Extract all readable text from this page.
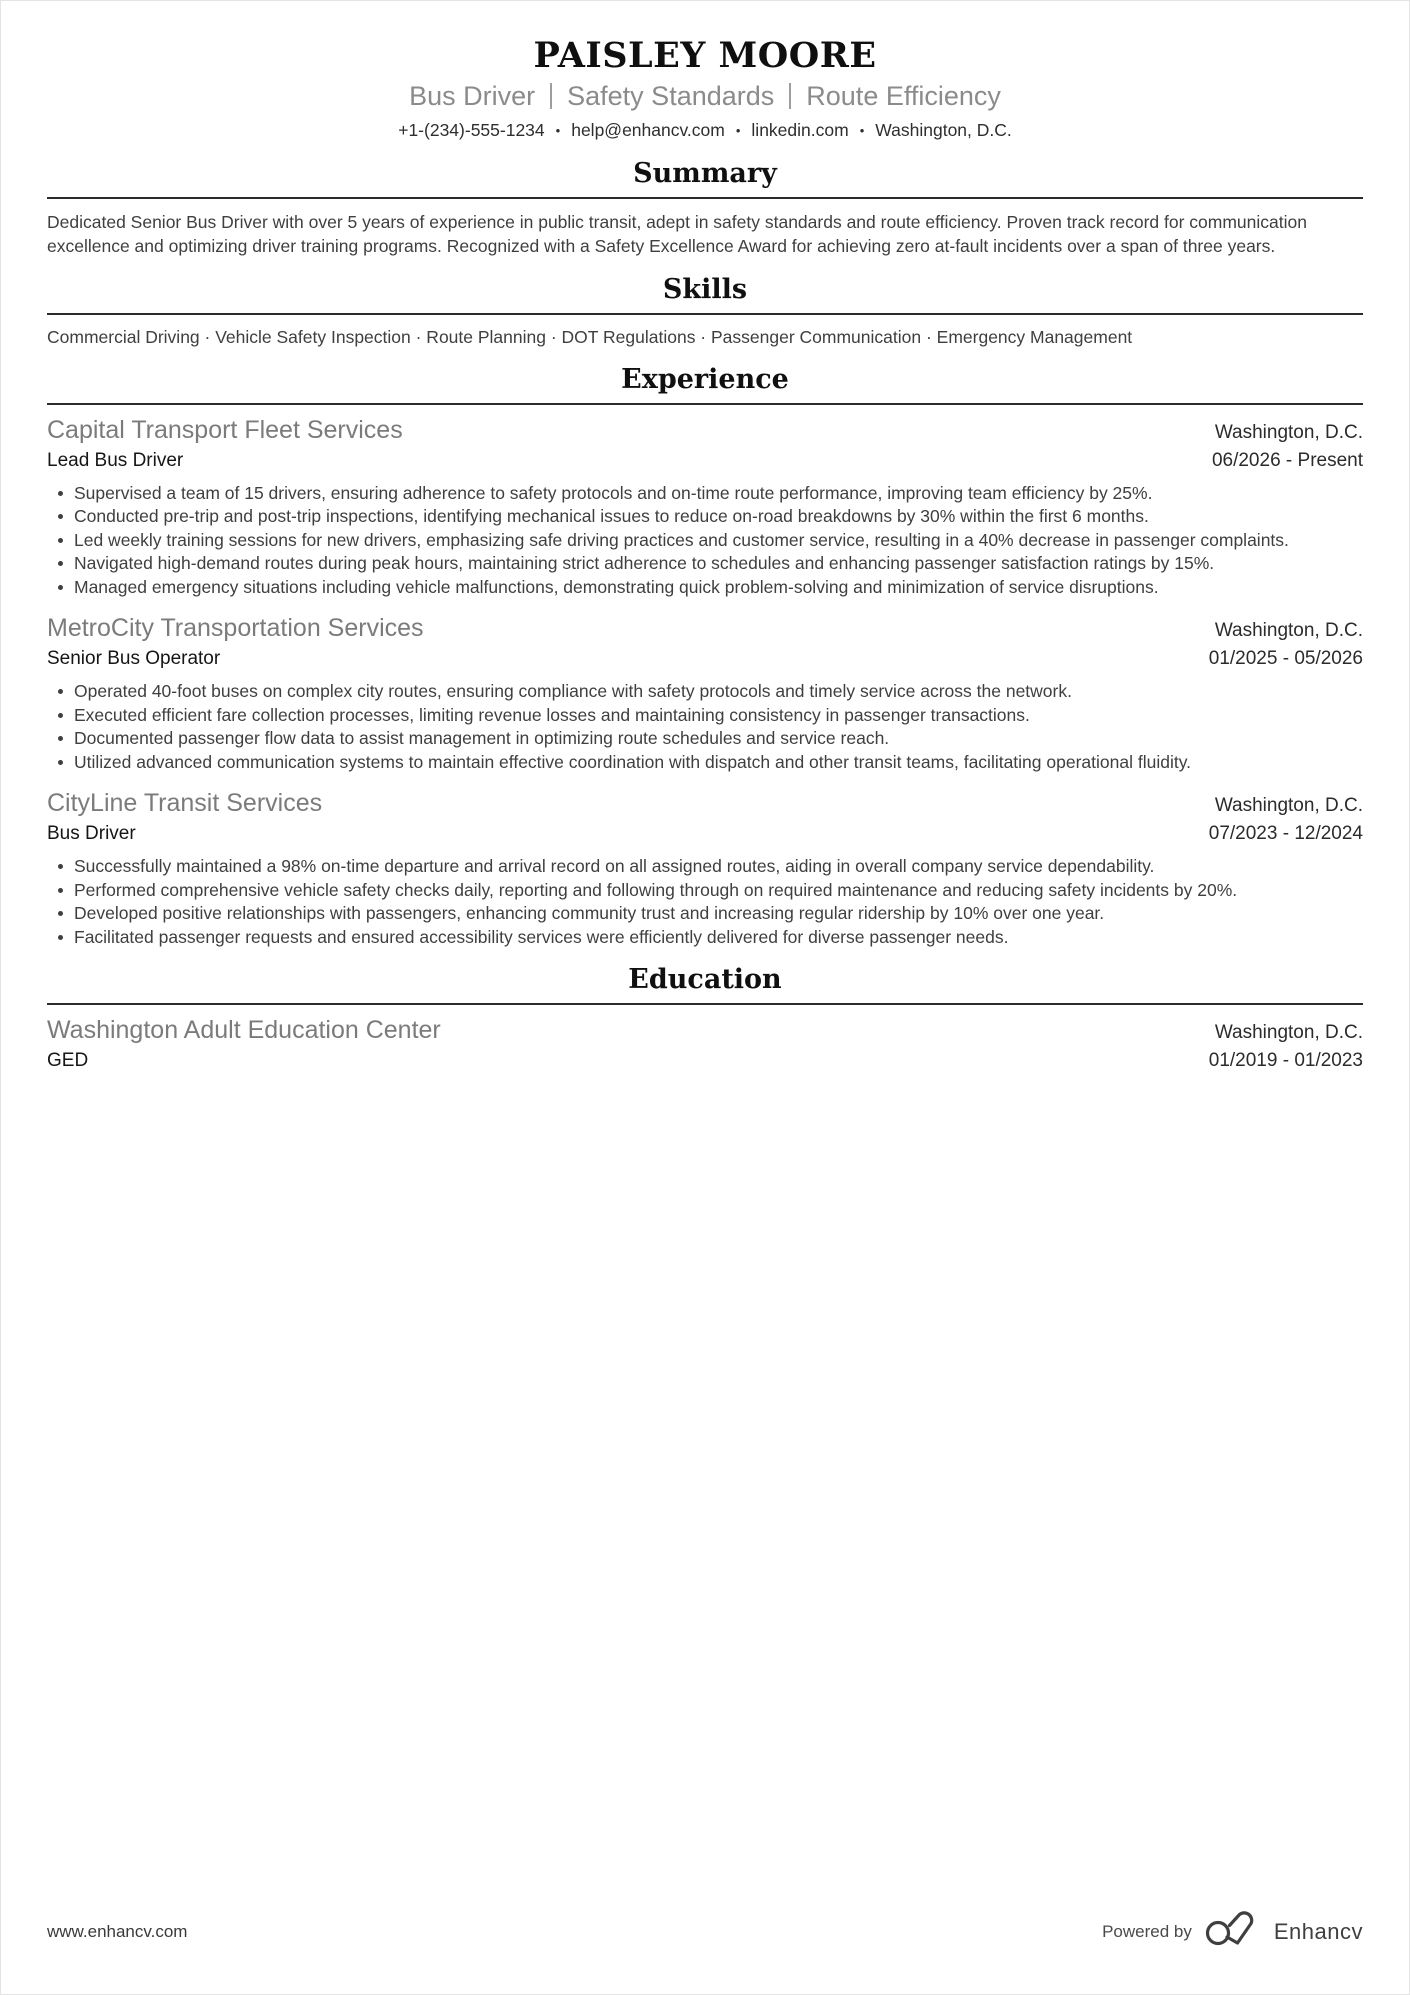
PAISLEY MOORE
Bus Driver Safety Standards Route Efficiency
+1-(234)-555-1234 • help@enhancv.com • linkedin.com • Washington, D.C.
Summary

Dedicated Senior Bus Driver with over 5 years of experience in public transit, adept in safety standards and route efficiency. Proven track record for communication excellence and optimizing driver training programs. Recognized with a Safety Excellence Award for achieving zero at-fault incidents over a span of three years.

Skills

Commercial Driving · Vehicle Safety Inspection · Route Planning · DOT Regulations · Passenger Communication · Emergency Management

Experience
Capital Transport Fleet Services	Washington, D.C.
Lead Bus Driver	06/2026 - Present
Supervised a team of 15 drivers, ensuring adherence to safety protocols and on-time route performance, improving team efficiency by 25%.
Conducted pre-trip and post-trip inspections, identifying mechanical issues to reduce on-road breakdowns by 30% within the first 6 months.
Led weekly training sessions for new drivers, emphasizing safe driving practices and customer service, resulting in a 40% decrease in passenger complaints.
Navigated high-demand routes during peak hours, maintaining strict adherence to schedules and enhancing passenger satisfaction ratings by 15%.
Managed emergency situations including vehicle malfunctions, demonstrating quick problem-solving and minimization of service disruptions.
MetroCity Transportation Services	Washington, D.C.
Senior Bus Operator	01/2025 - 05/2026
Operated 40-foot buses on complex city routes, ensuring compliance with safety protocols and timely service across the network.
Executed efficient fare collection processes, limiting revenue losses and maintaining consistency in passenger transactions.
Documented passenger flow data to assist management in optimizing route schedules and service reach.
Utilized advanced communication systems to maintain effective coordination with dispatch and other transit teams, facilitating operational fluidity.
CityLine Transit Services	Washington, D.C.
Bus Driver	07/2023 - 12/2024
Successfully maintained a 98% on-time departure and arrival record on all assigned routes, aiding in overall company service dependability.
Performed comprehensive vehicle safety checks daily, reporting and following through on required maintenance and reducing safety incidents by 20%.
Developed positive relationships with passengers, enhancing community trust and increasing regular ridership by 10% over one year.
Facilitated passenger requests and ensured accessibility services were efficiently delivered for diverse passenger needs.
Education
Washington Adult Education Center	Washington, D.C.
GED	01/2019 - 01/2023
www.enhancv.com	Powered by	Enhancv
